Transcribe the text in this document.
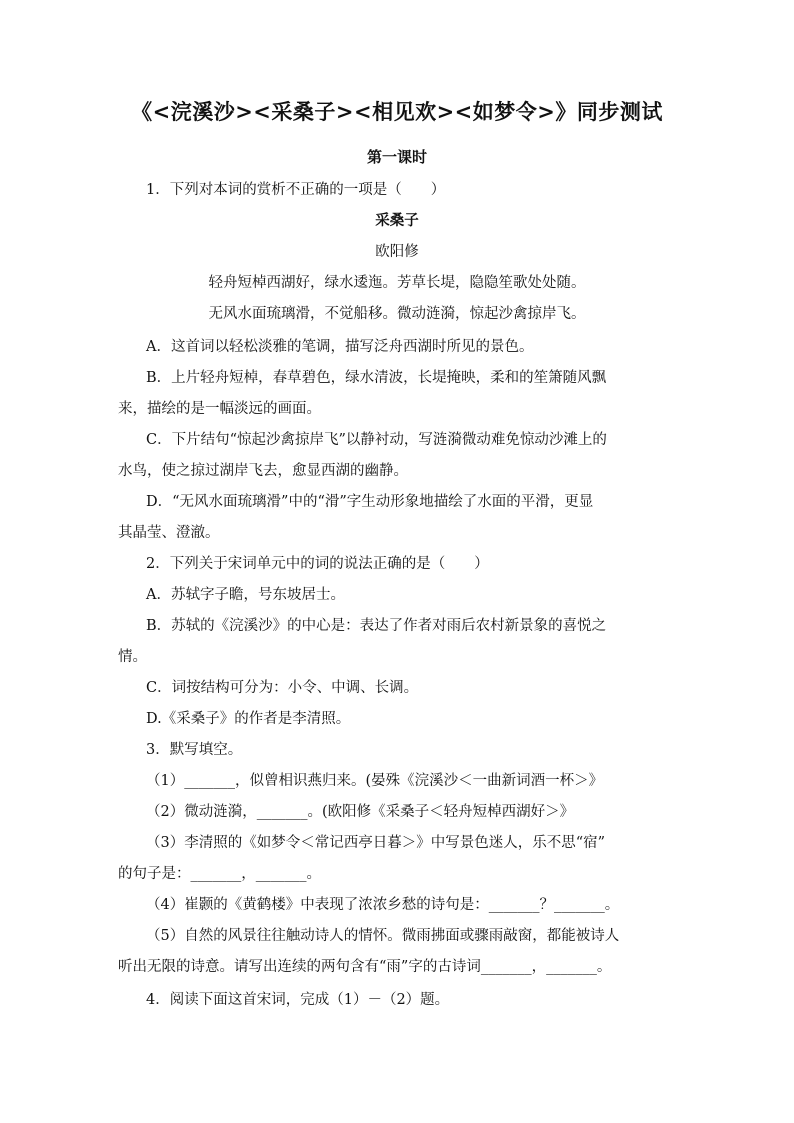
《<浣溪沙><采桑子><相见欢><如梦令>》同步测试
第一课时
1．下列对本词的赏析不正确的一项是（　　）
采桑子
欧阳修
轻舟短棹西湖好，绿水逶迤。芳草长堤，隐隐笙歌处处随。
无风水面琉璃滑，不觉船移。微动涟漪，惊起沙禽掠岸飞。
A．这首词以轻松淡雅的笔调，描写泛舟西湖时所见的景色。
B．上片轻舟短棹，春草碧色，绿水清波，长堤掩映，柔和的笙箫随风飘
来，描绘的是一幅淡远的画面。
C．下片结句“惊起沙禽掠岸飞”以静衬动，写涟漪微动难免惊动沙滩上的
水鸟，使之掠过湖岸飞去，愈显西湖的幽静。
D．“无风水面琉璃滑”中的“滑”字生动形象地描绘了水面的平滑，更显
其晶莹、澄澈。
2．下列关于宋词单元中的词的说法正确的是（　　）
A．苏轼字子瞻，号东坡居士。
B．苏轼的《浣溪沙》的中心是：表达了作者对雨后农村新景象的喜悦之
情。
C．词按结构可分为：小令、中调、长调。
D.《采桑子》的作者是李清照。
3．默写填空。
（1）_______，似曾相识燕归来。(晏殊《浣溪沙＜一曲新词酒一杯＞》
（2）微动涟漪，_______。(欧阳修《采桑子＜轻舟短棹西湖好＞》
（3）李清照的《如梦令＜常记西亭日暮＞》中写景色迷人，乐不思“宿”
的句子是：_______，_______。
（4）崔颢的《黄鹤楼》中表现了浓浓乡愁的诗句是：_______？_______。
（5）自然的风景往往触动诗人的情怀。微雨拂面或骤雨敲窗，都能被诗人
听出无限的诗意。请写出连续的两句含有“雨”字的古诗词_______，_______。
4．阅读下面这首宋词，完成（1）－（2）题。
